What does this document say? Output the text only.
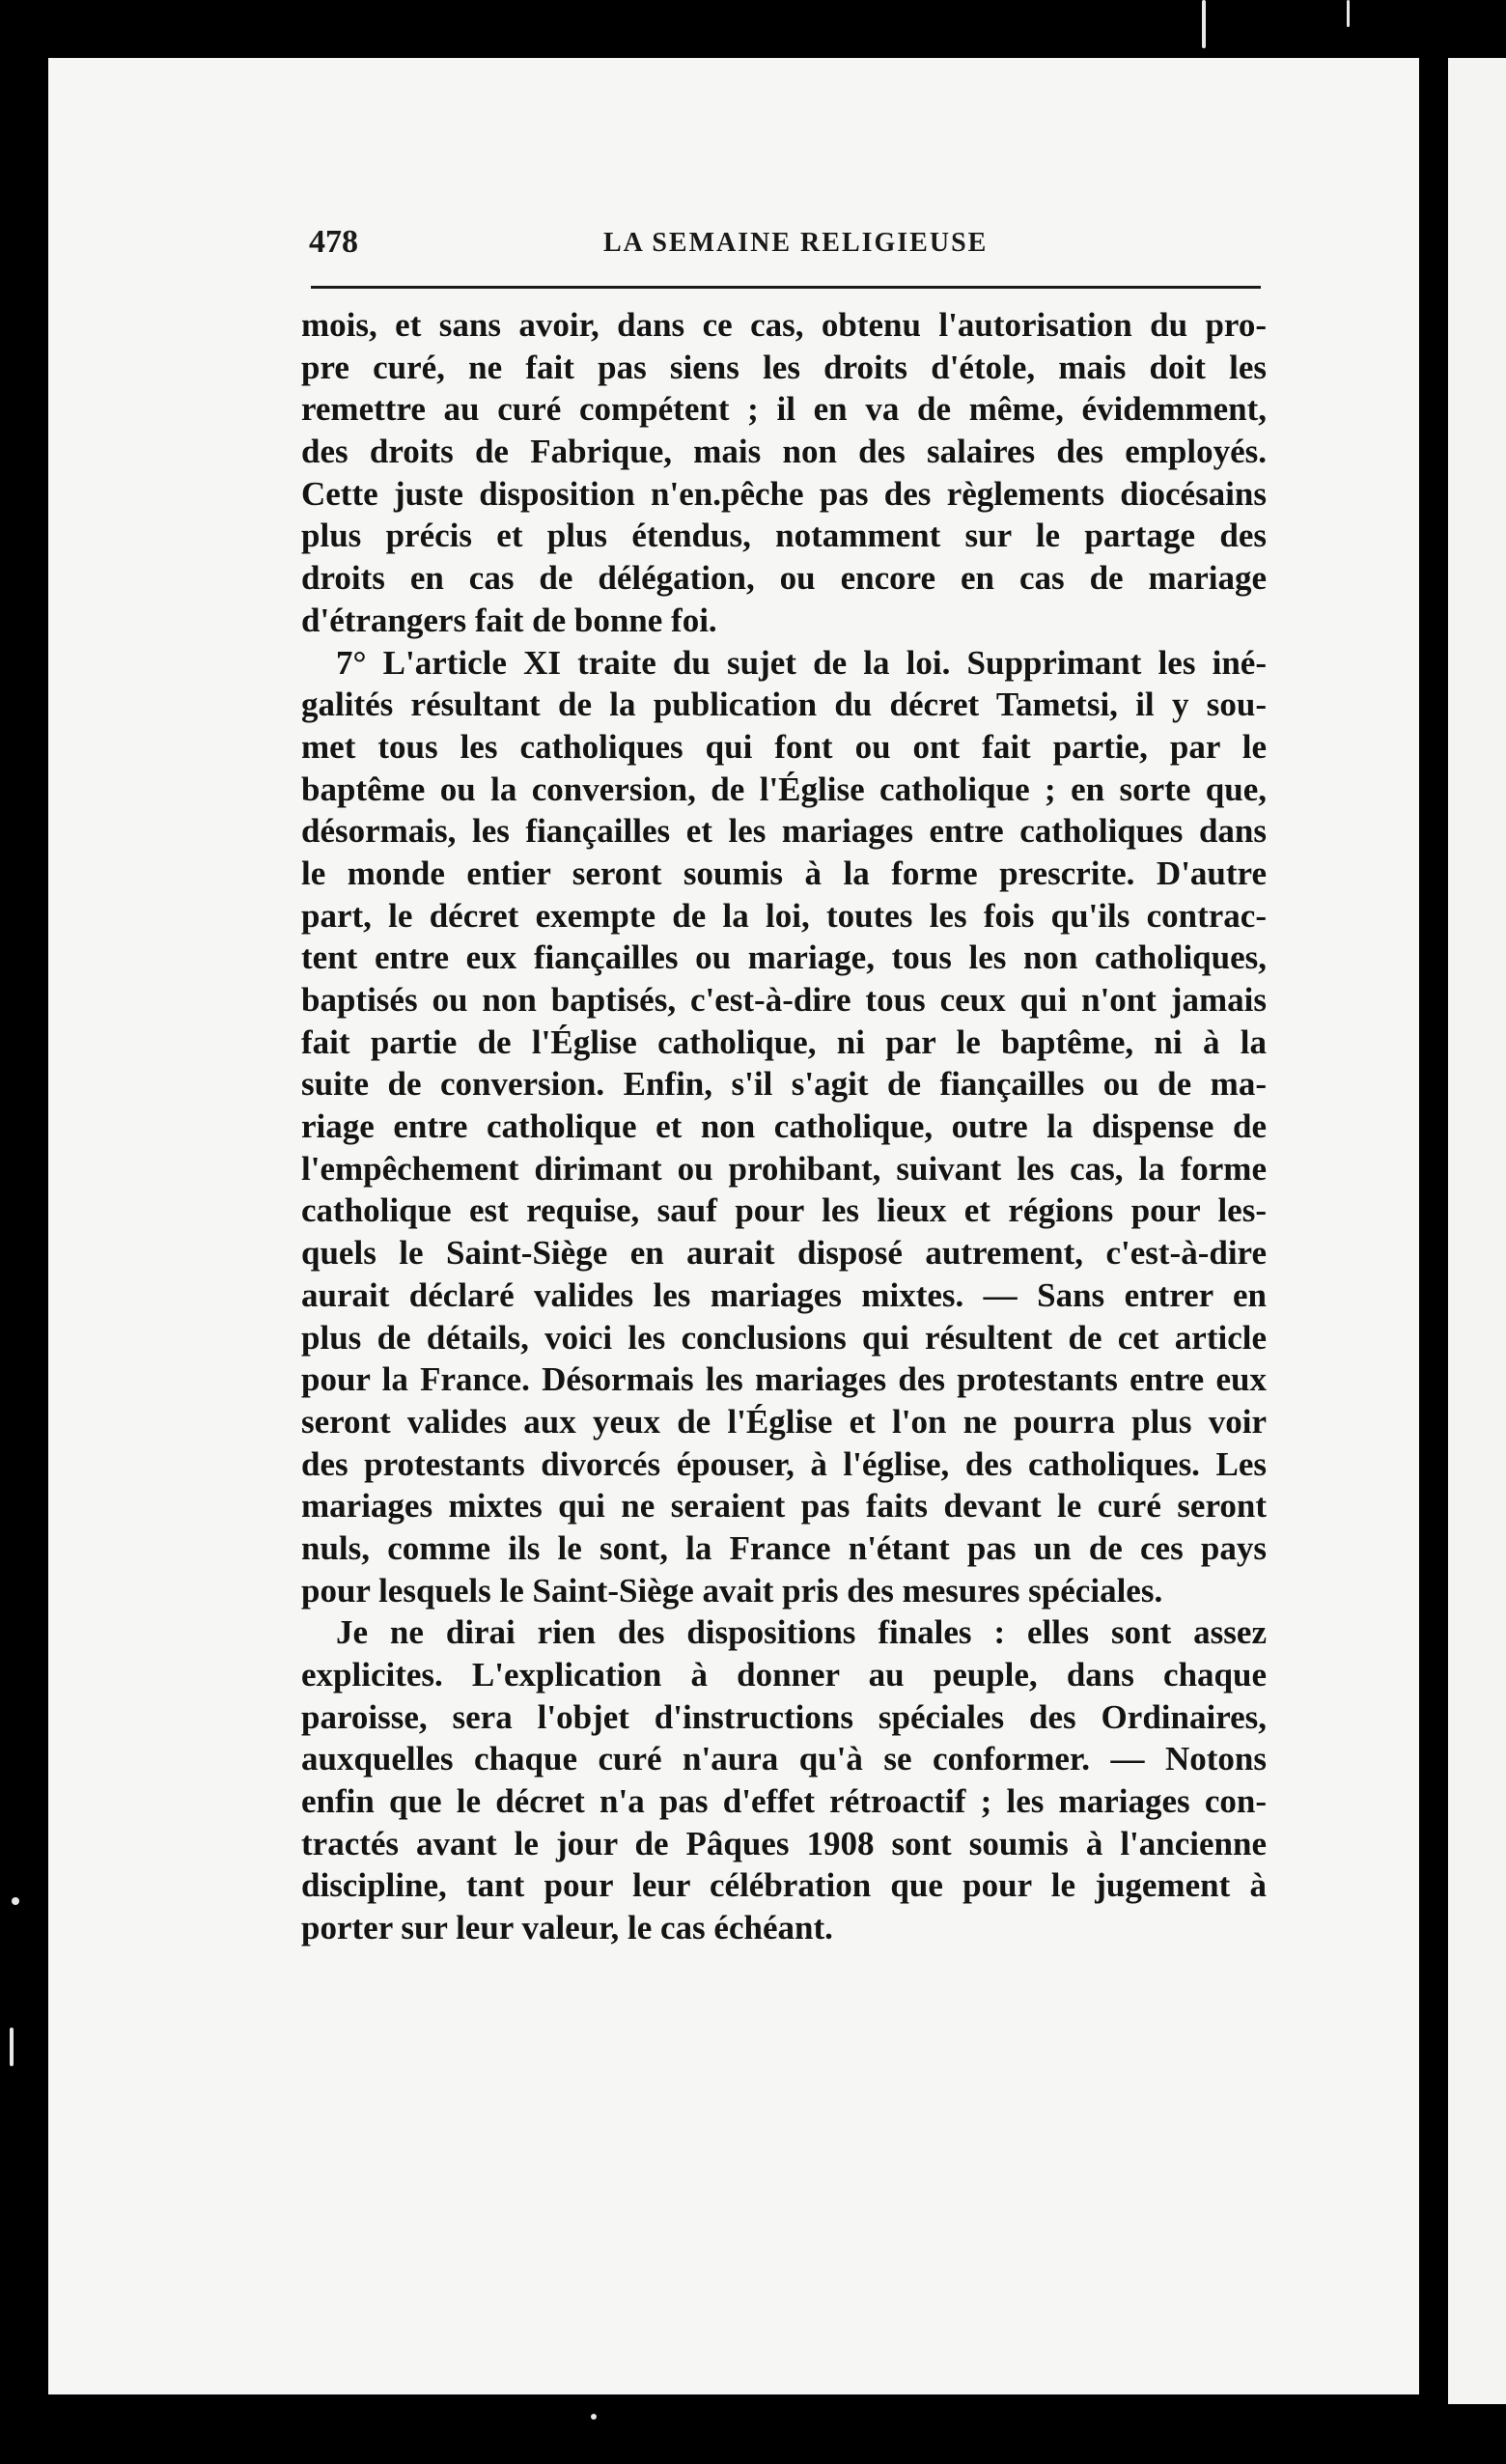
478	LA SEMAINE RELIGIEUSE
mois, et sans avoir, dans ce cas, obtenu l'autorisation du pro-
pre curé, ne fait pas siens les droits d'étole, mais doit les
remettre au curé compétent ; il en va de même, évidemment,
des droits de Fabrique, mais non des salaires des employés.
Cette juste disposition n'en.pêche pas des règlements diocésains
plus précis et plus étendus, notamment sur le partage des
droits en cas de délégation, ou encore en cas de mariage
d'étrangers fait de bonne foi.
7° L'article XI traite du sujet de la loi. Supprimant les iné-
galités résultant de la publication du décret Tametsi, il y sou-
met tous les catholiques qui font ou ont fait partie, par le
baptême ou la conversion, de l'Église catholique ; en sorte que,
désormais, les fiançailles et les mariages entre catholiques dans
le monde entier seront soumis à la forme prescrite. D'autre
part, le décret exempte de la loi, toutes les fois qu'ils contrac-
tent entre eux fiançailles ou mariage, tous les non catholiques,
baptisés ou non baptisés, c'est-à-dire tous ceux qui n'ont jamais
fait partie de l'Église catholique, ni par le baptême, ni à la
suite de conversion. Enfin, s'il s'agit de fiançailles ou de ma-
riage entre catholique et non catholique, outre la dispense de
l'empêchement dirimant ou prohibant, suivant les cas, la forme
catholique est requise, sauf pour les lieux et régions pour les-
quels le Saint-Siège en aurait disposé autrement, c'est-à-dire
aurait déclaré valides les mariages mixtes. — Sans entrer en
plus de détails, voici les conclusions qui résultent de cet article
pour la France. Désormais les mariages des protestants entre eux
seront valides aux yeux de l'Église et l'on ne pourra plus voir
des protestants divorcés épouser, à l'église, des catholiques. Les
mariages mixtes qui ne seraient pas faits devant le curé seront
nuls, comme ils le sont, la France n'étant pas un de ces pays
pour lesquels le Saint-Siège avait pris des mesures spéciales.
Je ne dirai rien des dispositions finales : elles sont assez
explicites. L'explication à donner au peuple, dans chaque
paroisse, sera l'objet d'instructions spéciales des Ordinaires,
auxquelles chaque curé n'aura qu'à se conformer. — Notons
enfin que le décret n'a pas d'effet rétroactif ; les mariages con-
tractés avant le jour de Pâques 1908 sont soumis à l'ancienne
discipline, tant pour leur célébration que pour le jugement à
porter sur leur valeur, le cas échéant.
